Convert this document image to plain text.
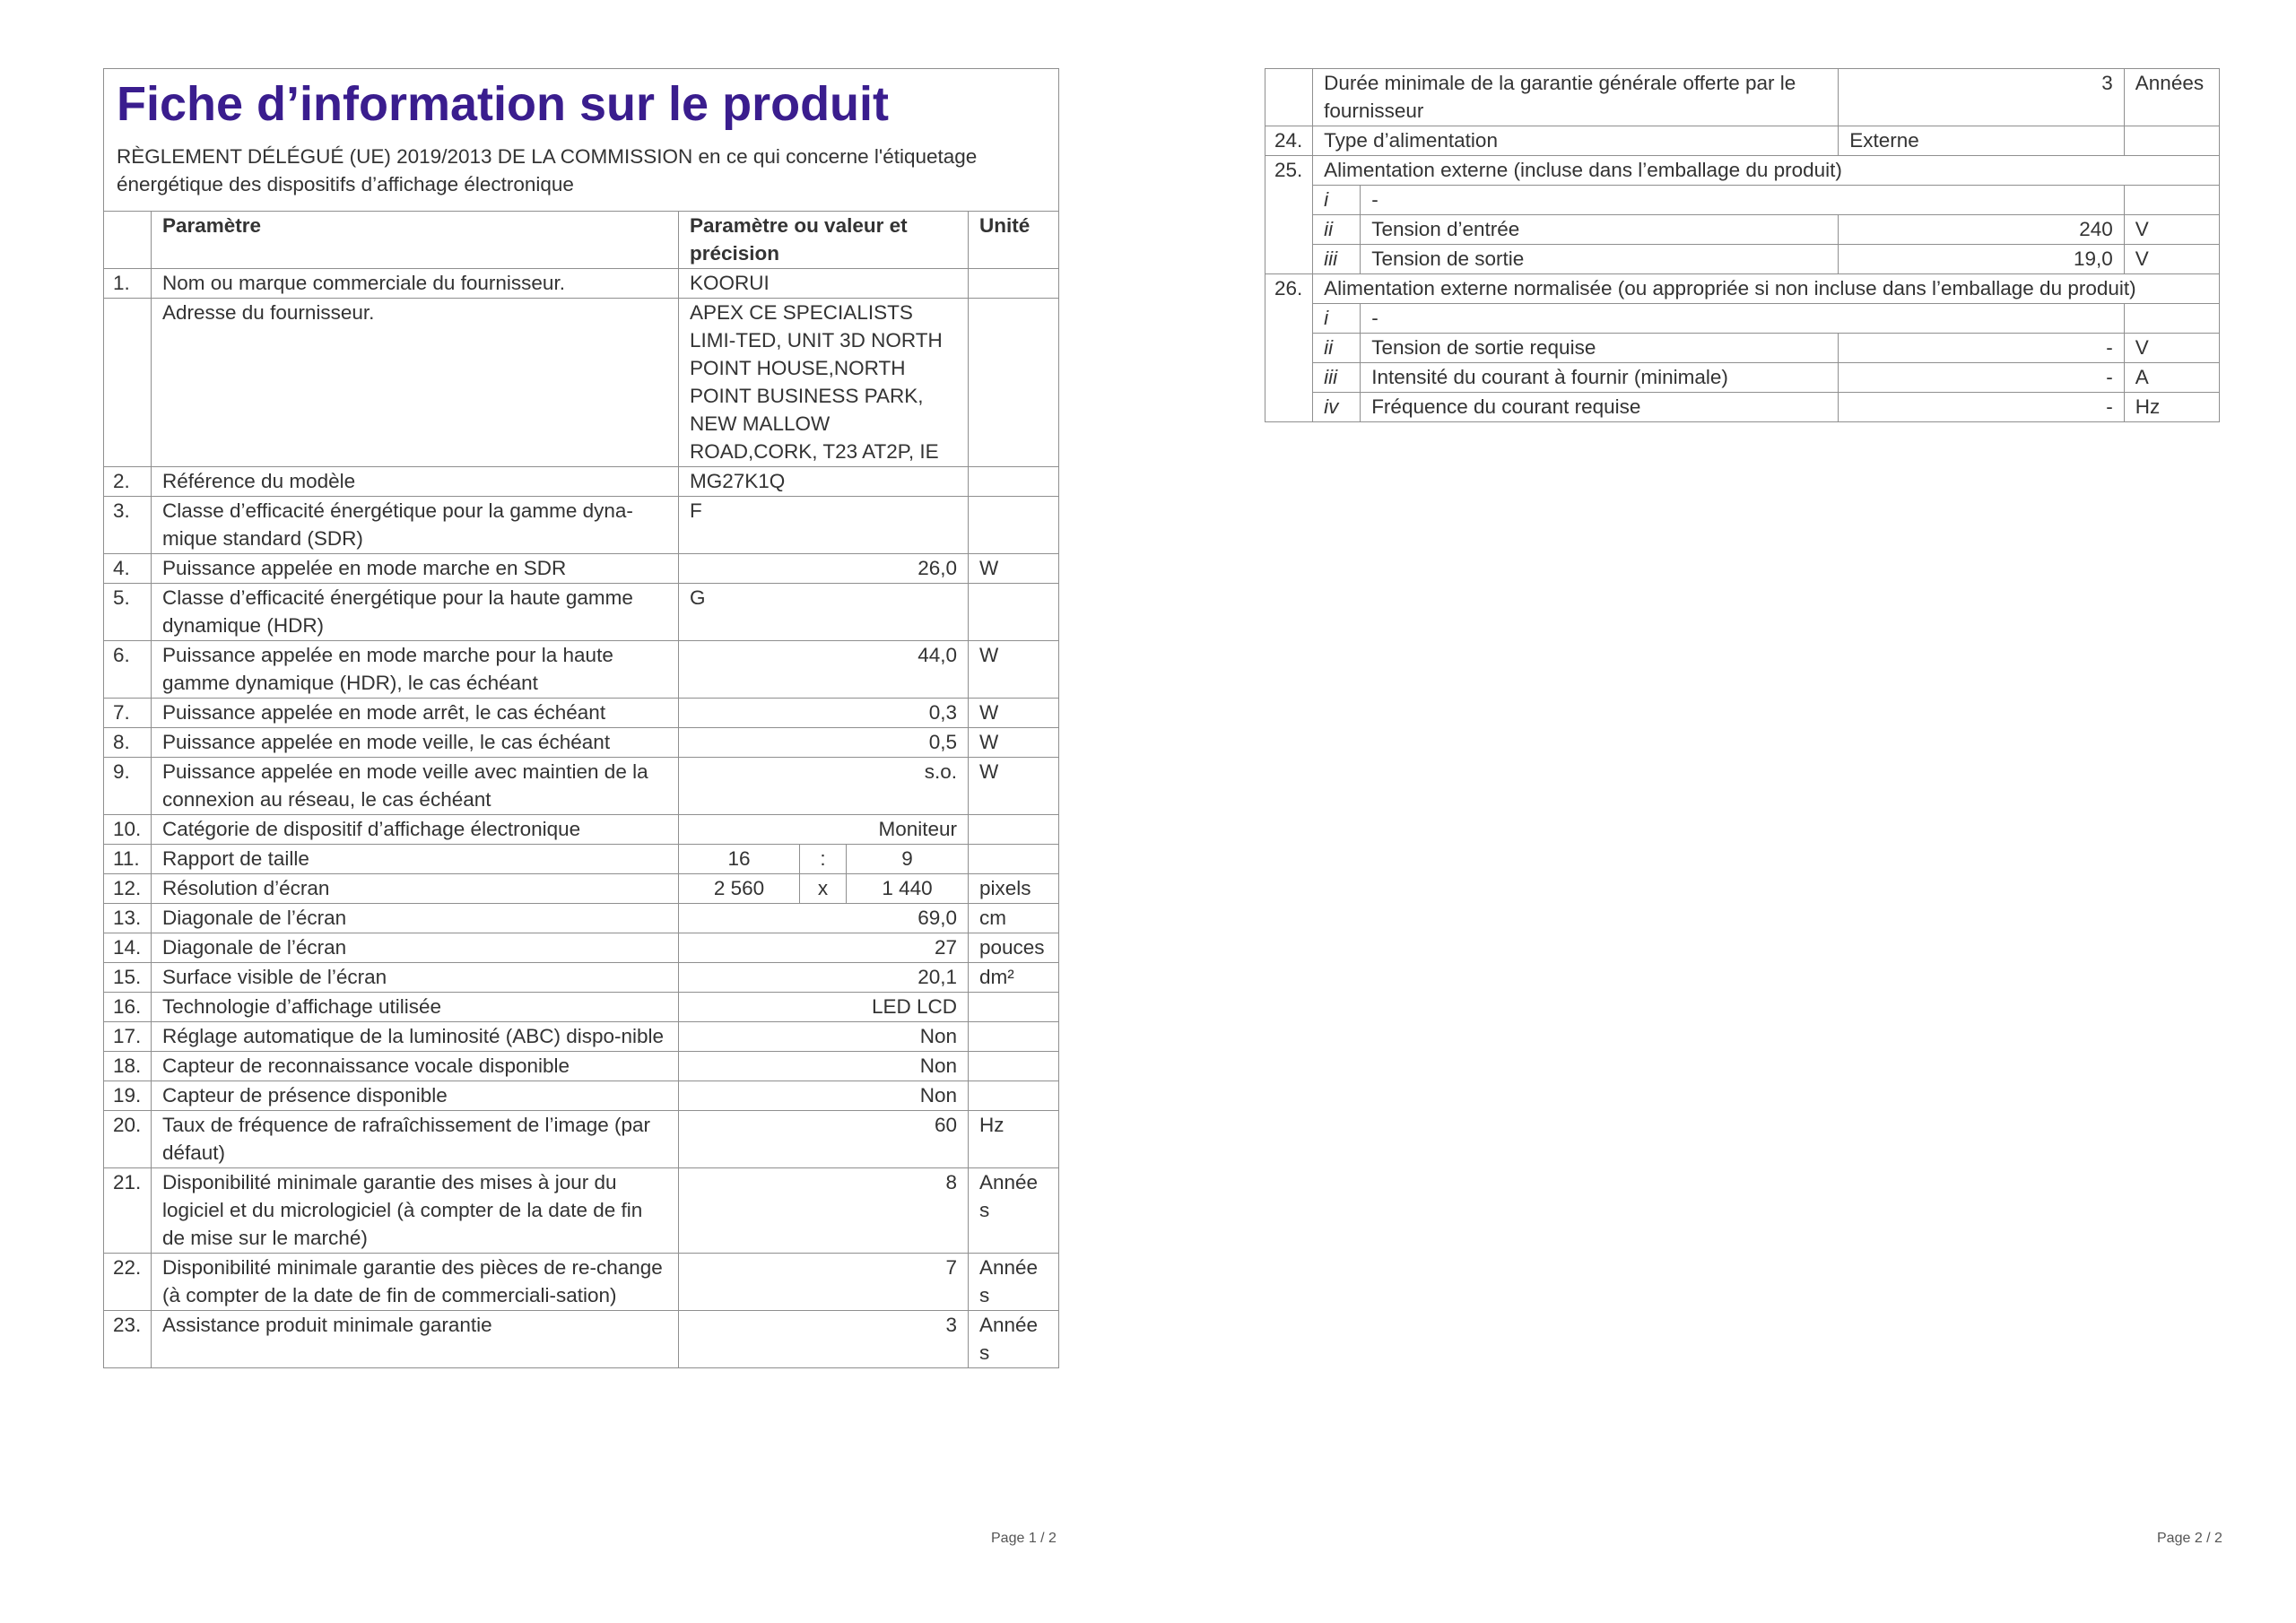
Fiche d’information sur le produit
RÈGLEMENT DÉLÉGUÉ (UE) 2019/2013 DE LA COMMISSION en ce qui concerne l'étiquetage énergétique des dispositifs d’affichage électronique					

	Paramètre	Paramètre ou valeur et précision			Unité
1.	Nom ou marque commerciale du fournisseur.	KOORUI			
	Adresse du fournisseur.	APEX CE SPECIALISTS LIMI-TED, UNIT 3D NORTH POINT HOUSE,NORTH POINT BUSINESS PARK, NEW MALLOW ROAD,CORK, T23 AT2P, IE			
2.	Référence du modèle	MG27K1Q			
3.	Classe d’efficacité énergétique pour la gamme dyna-mique standard (SDR)	F			
4.	Puissance appelée en mode marche en SDR	26,0			W
5.	Classe d’efficacité énergétique pour la haute gamme dynamique (HDR)	G			
6.	Puissance appelée en mode marche pour la haute gamme dynamique (HDR), le cas échéant	44,0			W
7.	Puissance appelée en mode arrêt, le cas échéant	0,3			W
8.	Puissance appelée en mode veille, le cas échéant	0,5			W
9.	Puissance appelée en mode veille avec maintien de la connexion au réseau, le cas échéant	s.o.			W
10.	Catégorie de dispositif d’affichage électronique	Moniteur			
11.	Rapport de taille	16	:	9	
12.	Résolution d’écran	2 560	x	1 440	pixels
13.	Diagonale de l’écran	69,0			cm
14.	Diagonale de l’écran	27			pouces
15.	Surface visible de l’écran	20,1			dm²
16.	Technologie d’affichage utilisée	LED LCD			
17.	Réglage automatique de la luminosité (ABC) dispo-nible	Non			
18.	Capteur de reconnaissance vocale disponible	Non			
19.	Capteur de présence disponible	Non			
20.	Taux de fréquence de rafraîchissement de l’image (par défaut)	60			Hz
21.	Disponibilité minimale garantie des mises à jour du logiciel et du micrologiciel (à compter de la date de fin de mise sur le marché)	8			Années
22.	Disponibilité minimale garantie des pièces de re-change (à compter de la date de fin de commerciali-sation)	7			Années
23.	Assistance produit minimale garantie	3			Années
Page 1 / 2
	Durée minimale de la garantie générale offerte par le fournisseur		3	Années
24.	Type d’alimentation		Externe	
25.	Alimentation externe (incluse dans l’emballage du produit)			
	i	-		
	ii	Tension d’entrée	240	V
	iii	Tension de sortie	19,0	V
26.	Alimentation externe normalisée (ou appropriée si non incluse dans l’emballage du produit)			
	i	-		
	ii	Tension de sortie requise	-	V
	iii	Intensité du courant à fournir (minimale)	-	A
	iv	Fréquence du courant requise	-	Hz
Page 2 / 2
